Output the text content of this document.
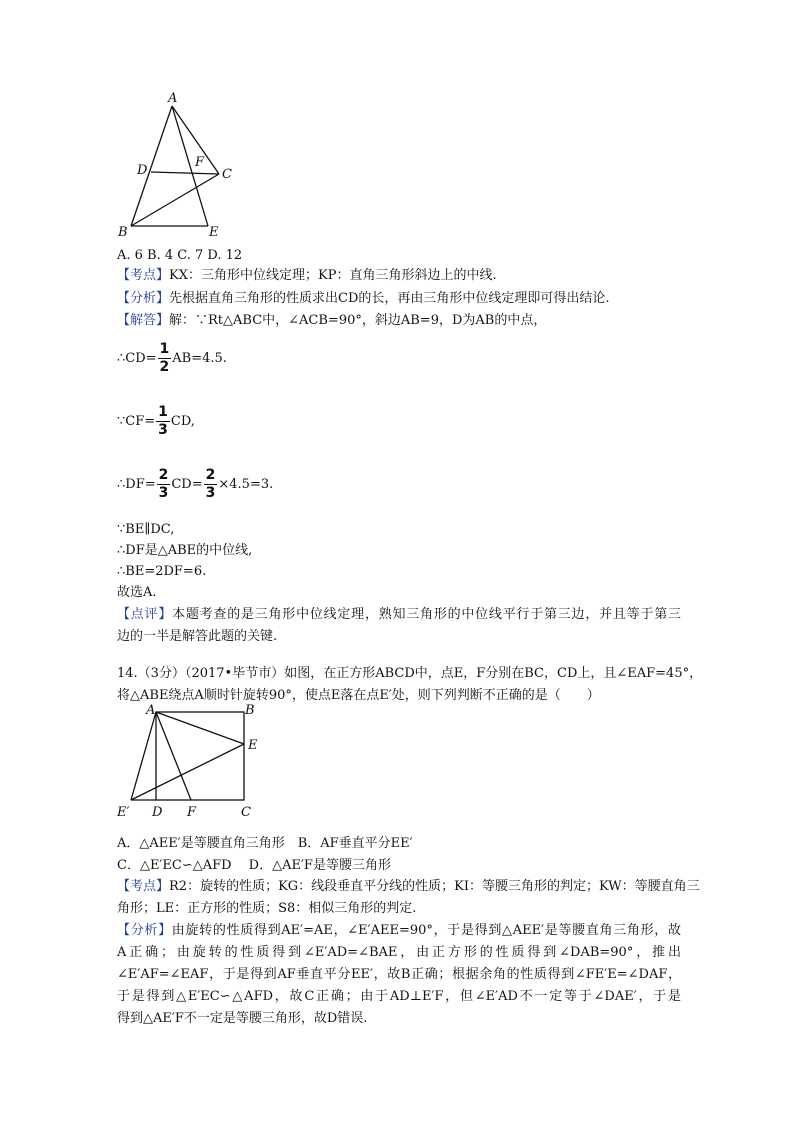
A
D
F
C
B	E
A. 6 B. 4 C. 7 D. 12
【考点】KX：三角形中位线定理；KP：直角三角形斜边上的中线.
【分析】先根据直角三角形的性质求出CD的长，再由三角形中位线定理即可得出结论.
【解答】解：∵Rt△ABC中，∠ACB=90°，斜边AB=9，D为AB的中点，
∴CD= $\frac{1}{2} AB=4.5$.
∵CF= $\frac{1}{3}$ CD,
∴DF= $\frac{2}{3} CD= \frac{2}{3} \times 4.5=3$.
∵BE∥DC,
∴DF是△ABE的中位线,
∴BE=2DF=6.
故选A.
【点评】本题考查的是三角形中位线定理，熟知三角形的中位线平行于第三边，并且等于第三
边的一半是解答此题的关键.
14.（3分）（2017•毕节市）如图，在正方形ABCD中，点E，F分别在BC，CD上，且∠EAF=45°，
将△ABE绕点A顺时针旋转90°，使点E落在点E′处，则下列判断不正确的是（　　）
A	B
E
E′ D F	C
A．△AEE′是等腰直角三角形　B．AF垂直平分EE′
C．△E′EC∽△AFD　 D．△AE′F是等腰三角形
【考点】R2：旋转的性质；KG：线段垂直平分线的性质；KI：等腰三角形的判定；KW：等腰直角三
角形；LE：正方形的性质；S8：相似三角形的判定.
【分析】由旋转的性质得到AE′=AE，∠E′AEE=90°，于是得到△AEE′是等腰直角三角形，故
A正确；由旋转的性质得到∠E′AD=∠BAE，由正方形的性质得到∠DAB=90°，推出
∠E′AF=∠EAF，于是得到AF垂直平分EE′，故B正确；根据余角的性质得到∠FE′E=∠DAF，
于是得到△E′EC∽△AFD，故C正确；由于AD⊥E′F，但∠E′AD不一定等于∠DAE′，于是
得到△AE′F不一定是等腰三角形，故D错误.
